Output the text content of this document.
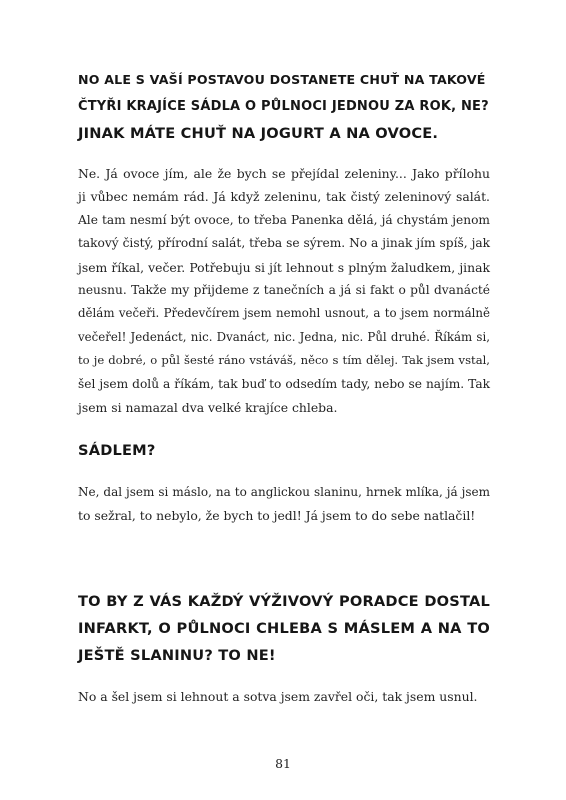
NO ALE S VAŠÍ POSTAVOU DOSTANETE CHUŤ NA TAKOVÉ
ČTYŘI KRAJÍCE SÁDLA O PŮLNOCI JEDNOU ZA ROK, NE?
JINAK MÁTE CHUŤ NA JOGURT A NA OVOCE.
Ne. Já ovoce jím, ale že bych se přejídal zeleniny... Jako přílohu
ji vůbec nemám rád. Já když zeleninu, tak čistý zeleninový salát.
Ale tam nesmí být ovoce, to třeba Panenka dělá, já chystám jenom
takový čistý, přírodní salát, třeba se sýrem. No a jinak jím spíš, jak
jsem říkal, večer. Potřebuju si jít lehnout s plným žaludkem, jinak
neusnu. Takže my přijdeme z tanečních a já si fakt o půl dvanácté
dělám večeři. Předevčírem jsem nemohl usnout, a to jsem normálně
večeřel! Jedenáct, nic. Dvanáct, nic. Jedna, nic. Půl druhé. Říkám si,
to je dobré, o půl šesté ráno vstáváš, něco s tím dělej. Tak jsem vstal,
šel jsem dolů a říkám, tak buď to odsedím tady, nebo se najím. Tak
jsem si namazal dva velké krajíce chleba.
SÁDLEM?
Ne, dal jsem si máslo, na to anglickou slaninu, hrnek mlíka, já jsem
to sežral, to nebylo, že bych to jedl! Já jsem to do sebe natlačil!
TO BY Z VÁS KAŽDÝ VÝŽIVOVÝ PORADCE DOSTAL
INFARKT, O PŮLNOCI CHLEBA S MÁSLEM A NA TO
JEŠTĚ SLANINU? TO NE!
No a šel jsem si lehnout a sotva jsem zavřel oči, tak jsem usnul.
81
